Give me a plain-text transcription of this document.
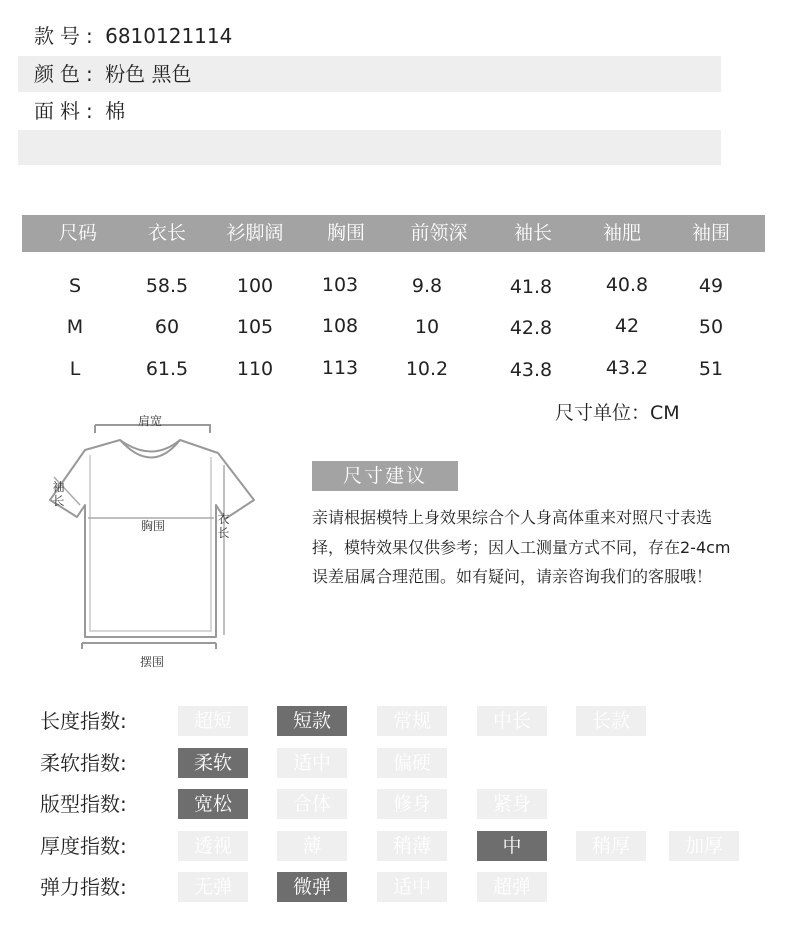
款号: 6810121114
颜色: 粉色 黑色
面料: 棉
尺码	衣长	衫脚阔	胸围	前领深	袖长	袖肥	袖围
S	58.5	100	103	9.8	41.8	40.8	49
M	60	105	108	10	42.8	42	50
L	61.5	110	113	10.2	43.8	43.2	51
尺寸单位：CM
肩宽
袖长
胸围	衣长
摆围
尺寸建议
亲请根据模特上身效果综合个人身高体重来对照尺寸表选择，模特效果仅供参考；因人工测量方式不同，存在2-4cm误差届属合理范围。如有疑问，请亲咨询我们的客服哦！
长度指数:	超短	短款	常规	中长	长款
柔软指数:	柔软	适中	偏硬
版型指数:	宽松	合体	修身	紧身
厚度指数:	透视	薄	稍薄	中	稍厚	加厚
弹力指数:	无弹	微弹	适中	超弹
